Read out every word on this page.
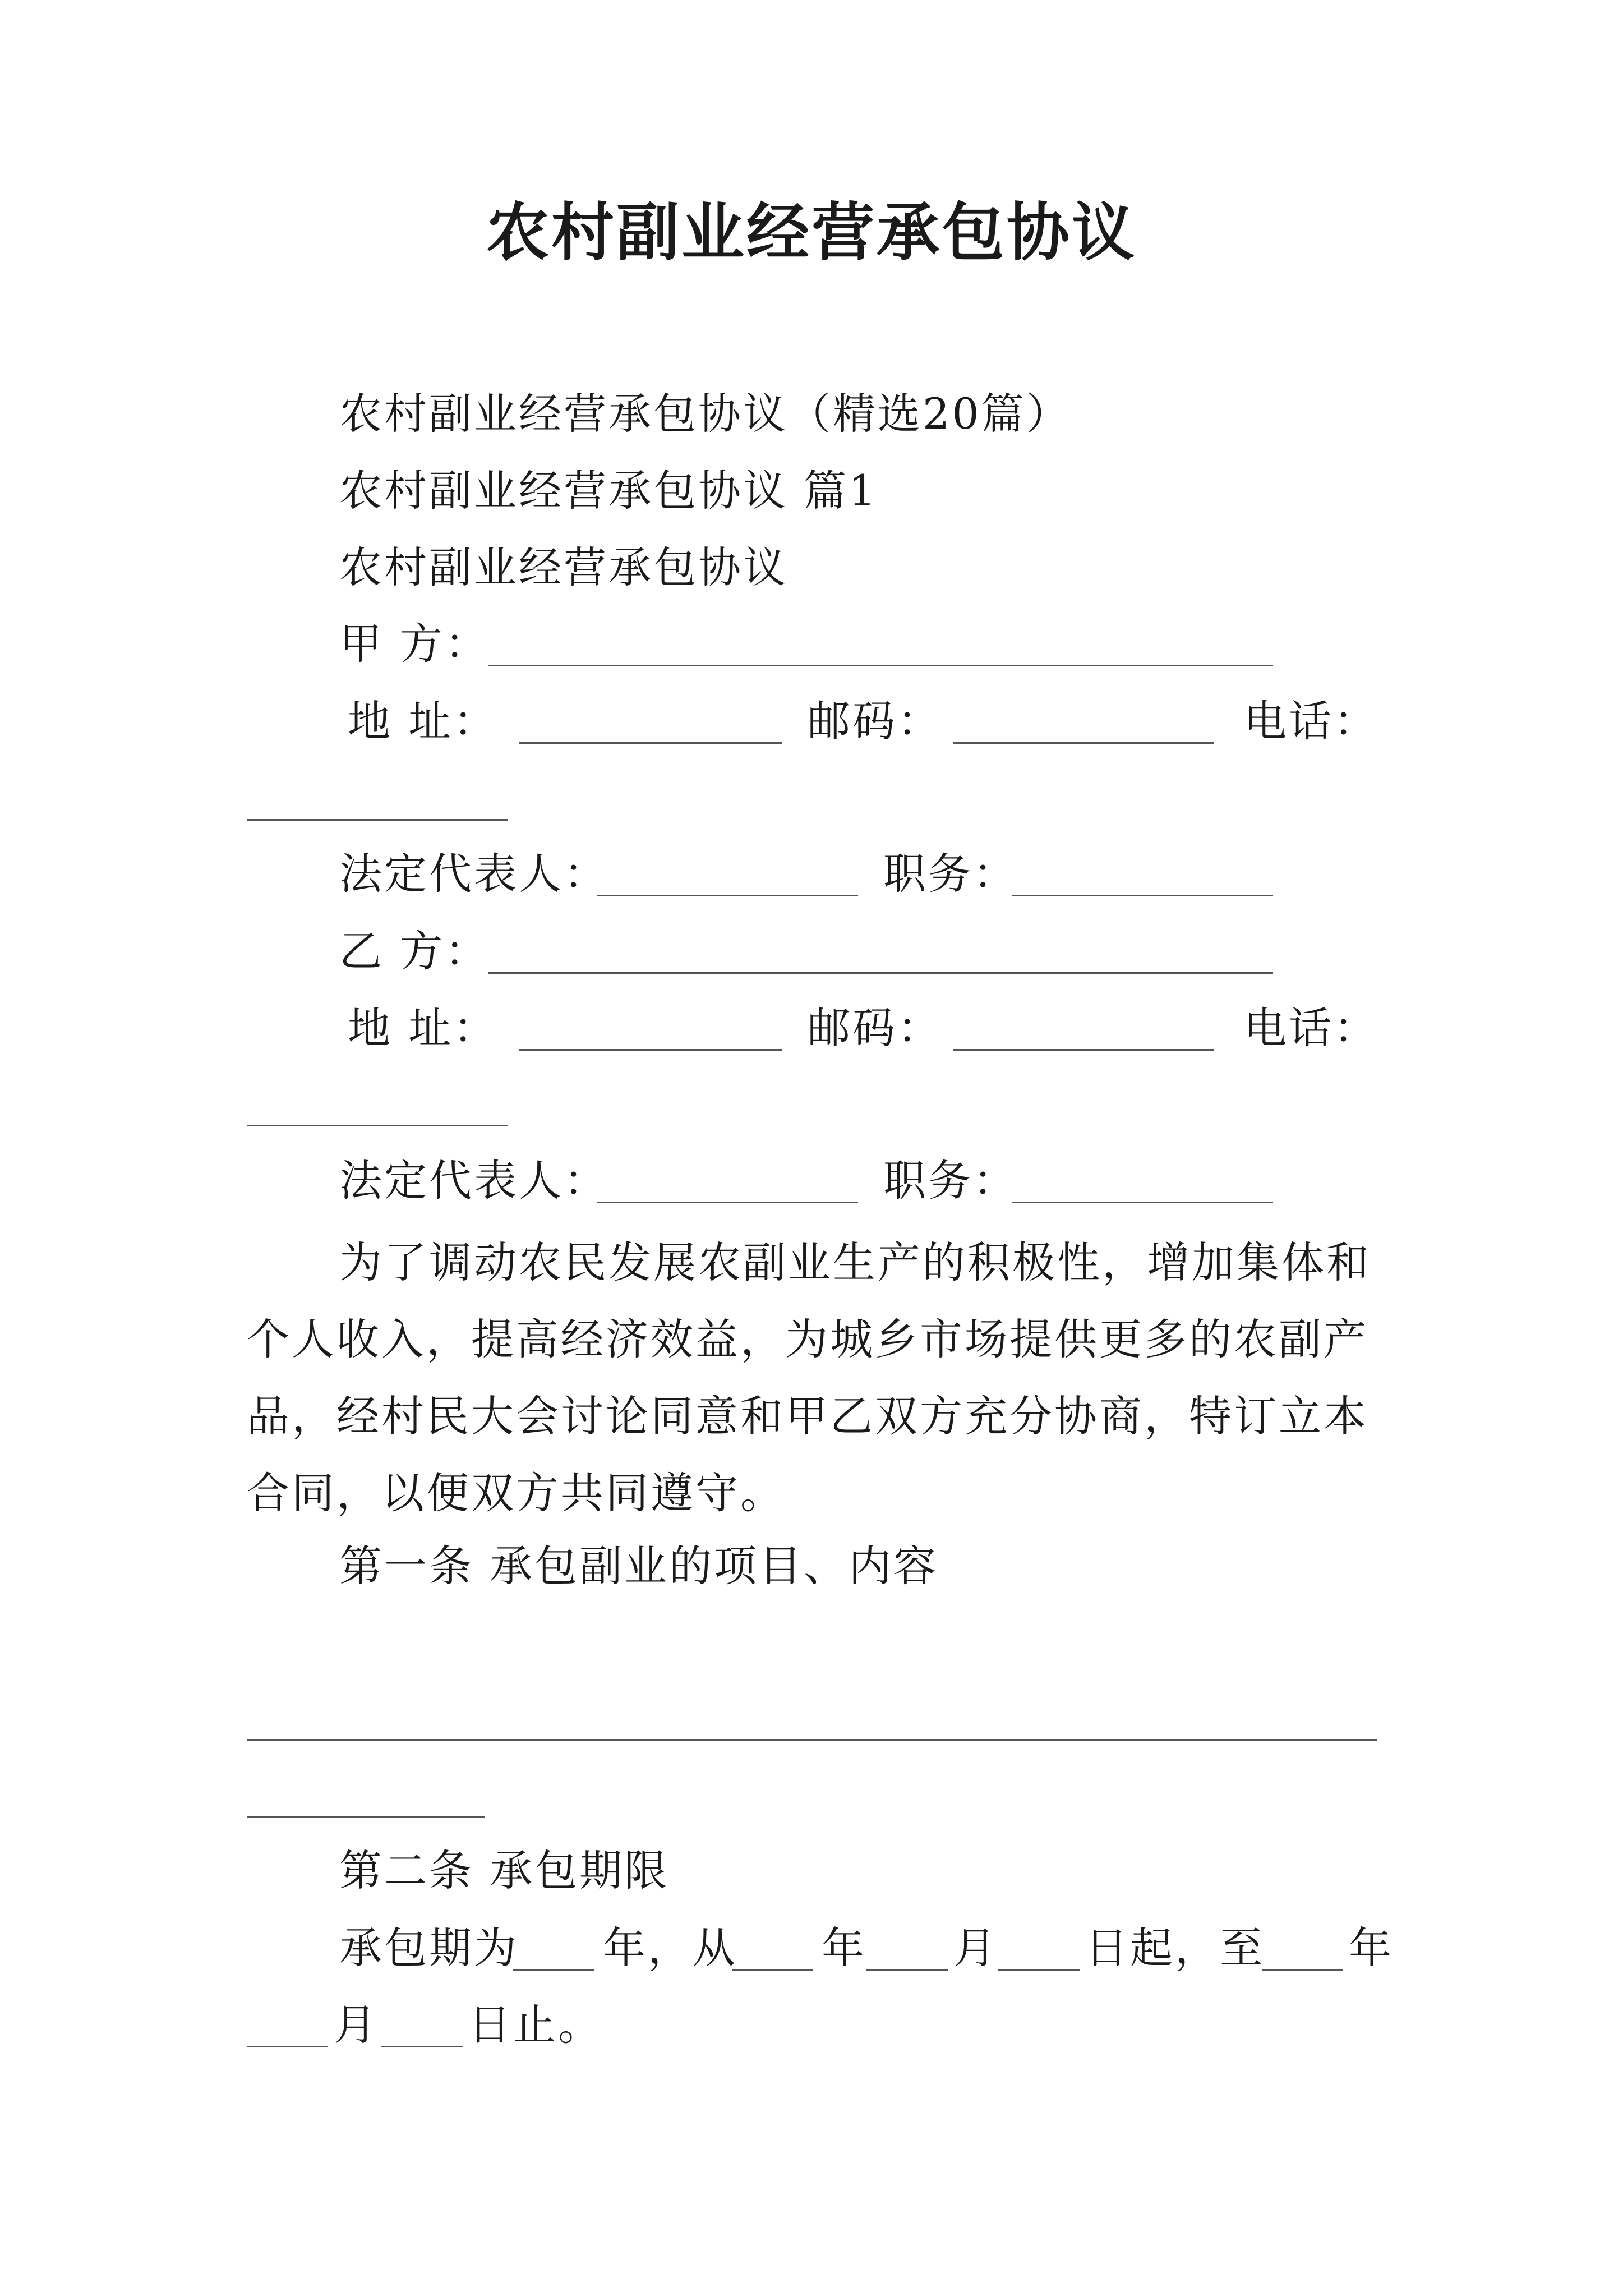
农村副业经营承包协议
农村副业经营承包协议（精选20篇）
农村副业经营承包协议 篇1
农村副业经营承包协议
甲 方：
地 址：	邮码：	电话：
法定代表人：	职务：
乙 方：
地 址：	邮码：	电话：
法定代表人：	职务：
为了调动农民发展农副业生产的积极性，增加集体和个人收入，提高经济效益，为城乡市场提供更多的农副产品，经村民大会讨论同意和甲乙双方充分协商，特订立本合同，以便双方共同遵守。
第一条 承包副业的项目、内容
第二条 承包期限
承包期为 年，从 年 月 日起，至 年
月 日止。
